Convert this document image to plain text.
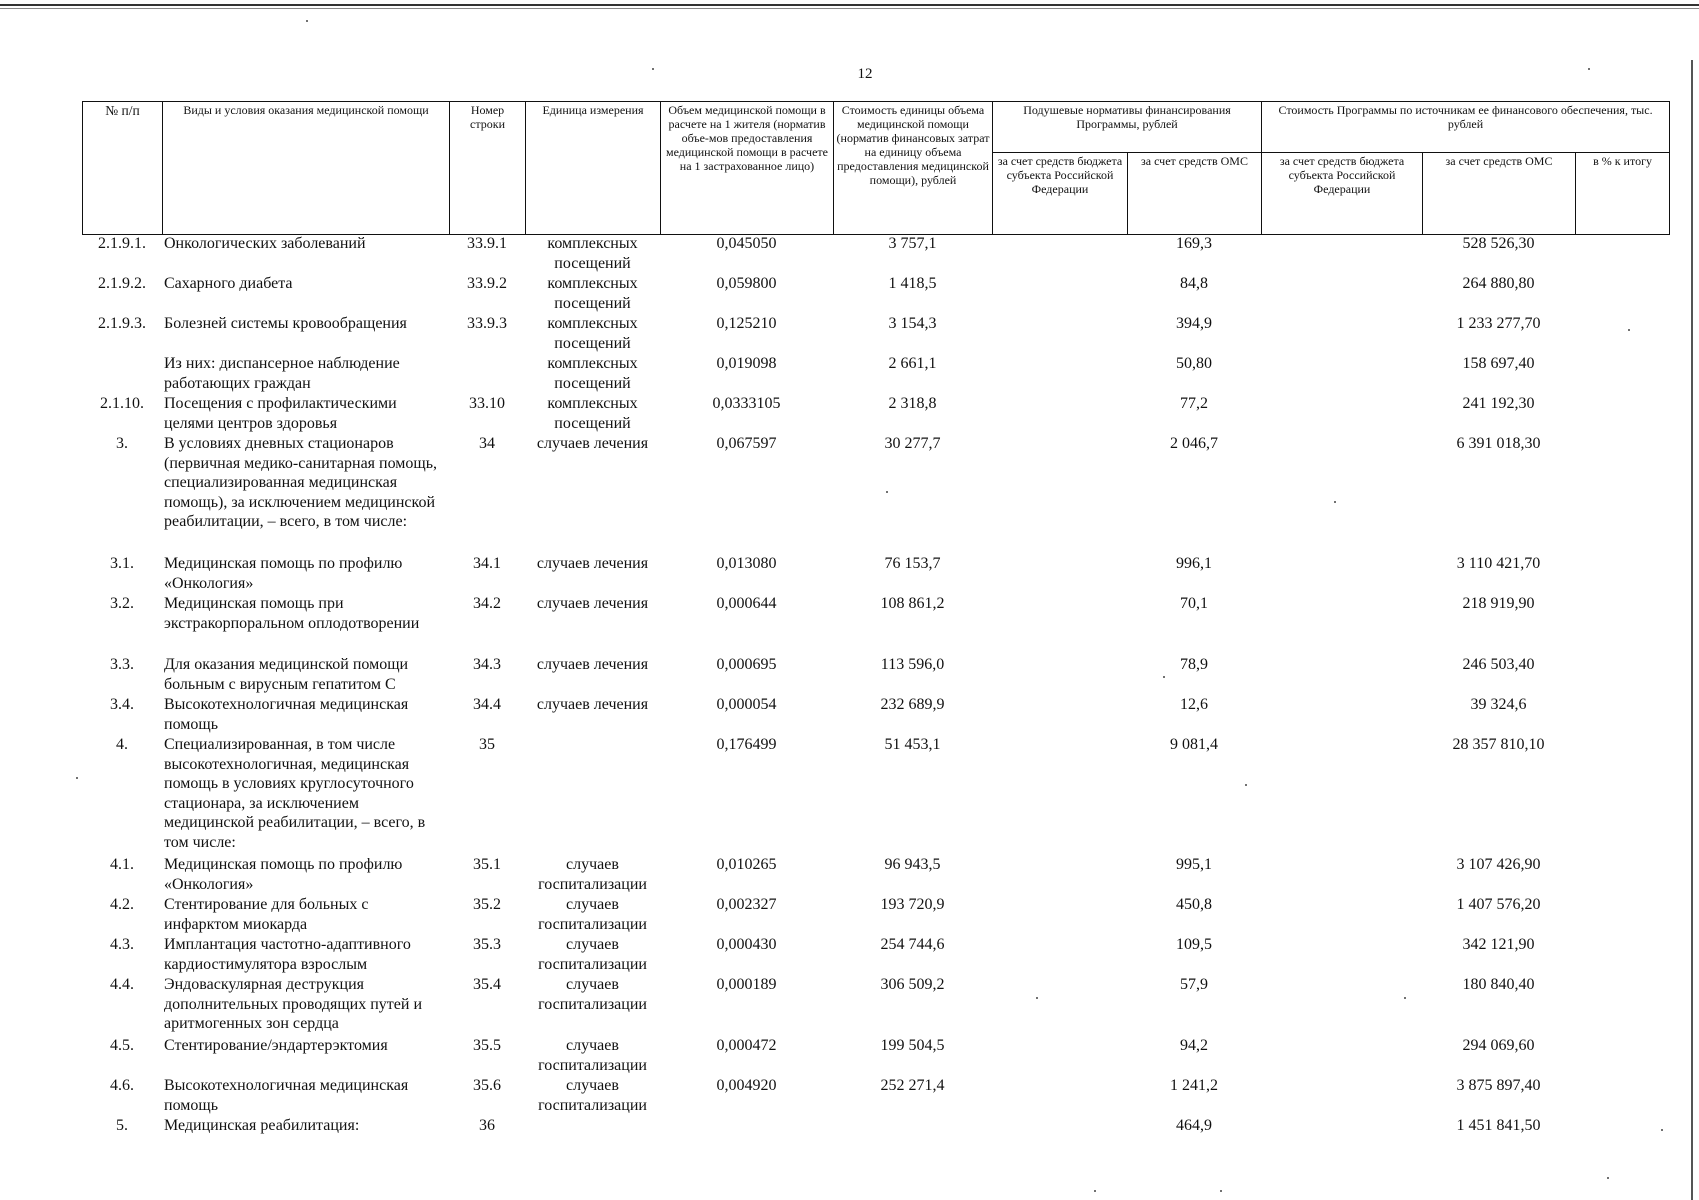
12
№ п/п	Виды и условия оказания медицинской помощи	Номер строки	Единица измерения	Объем медицинской помощи в расчете на 1 жителя (норматив объе-мов предоставления медицинской помощи в расчете на 1 застрахованное лицо)	Стоимость единицы объема медицинской помощи (норматив финансовых затрат на единицу объема предоставления медицинской помощи), рублей	Подушевые нормативы финансирования Программы, рублей		Стоимость Программы по источникам ее финансового обеспечения, тыс. рублей		
						за счет средств бюджета субъекта Российской Федерации	за счет средств ОМС	за счет средств бюджета субъекта Российской Федерации	за счет средств ОМС	в % к итогу
2.1.9.1.	Онкологических заболеваний	33.9.1	комплексных посещений	0,045050	3 757,1		169,3		528 526,30	
2.1.9.2.	Сахарного диабета	33.9.2	комплексных посещений	0,059800	1 418,5		84,8		264 880,80	
2.1.9.3.	Болезней системы кровообращения	33.9.3	комплексных посещений	0,125210	3 154,3		394,9		1 233 277,70	
	Из них: диспансерное наблюдение работающих граждан		комплексных посещений	0,019098	2 661,1		50,80		158 697,40	
2.1.10.	Посещения с профилактическими целями центров здоровья	33.10	комплексных посещений	0,0333105	2 318,8		77,2		241 192,30	
3.	В условиях дневных стационаров (первичная медико-санитарная помощь, специализированная медицинская помощь), за исключением медицинской реабилитации, – всего, в том числе:	34	случаев лечения	0,067597	30 277,7		2 046,7		6 391 018,30	
3.1.	Медицинская помощь по профилю «Онкология»	34.1	случаев лечения	0,013080	76 153,7		996,1		3 110 421,70	
3.2.	Медицинская помощь при экстракорпоральном оплодотворении	34.2	случаев лечения	0,000644	108 861,2		70,1		218 919,90	
3.3.	Для оказания медицинской помощи больным с вирусным гепатитом С	34.3	случаев лечения	0,000695	113 596,0		78,9		246 503,40	
3.4.	Высокотехнологичная медицинская помощь	34.4	случаев лечения	0,000054	232 689,9		12,6		39 324,6	
4.	Специализированная, в том числе высокотехнологичная, медицинская помощь в условиях круглосуточного стационара, за исключением медицинской реабилитации, – всего, в том числе:	35		0,176499	51 453,1		9 081,4		28 357 810,10	
4.1.	Медицинская помощь по профилю «Онкология»	35.1	случаев госпитализации	0,010265	96 943,5		995,1		3 107 426,90	
4.2.	Стентирование для больных с инфарктом миокарда	35.2	случаев госпитализации	0,002327	193 720,9		450,8		1 407 576,20	
4.3.	Имплантация частотно-адаптивного кардиостимулятора взрослым	35.3	случаев госпитализации	0,000430	254 744,6		109,5		342 121,90	
4.4.	Эндоваскулярная деструкция дополнительных проводящих путей и аритмогенных зон сердца	35.4	случаев госпитализации	0,000189	306 509,2		57,9		180 840,40	
4.5.	Стентирование/эндартерэктомия	35.5	случаев госпитализации	0,000472	199 504,5		94,2		294 069,60	
4.6.	Высокотехнологичная медицинская помощь	35.6	случаев госпитализации	0,004920	252 271,4		1 241,2		3 875 897,40	
5.	Медицинская реабилитация:	36					464,9		1 451 841,50	
